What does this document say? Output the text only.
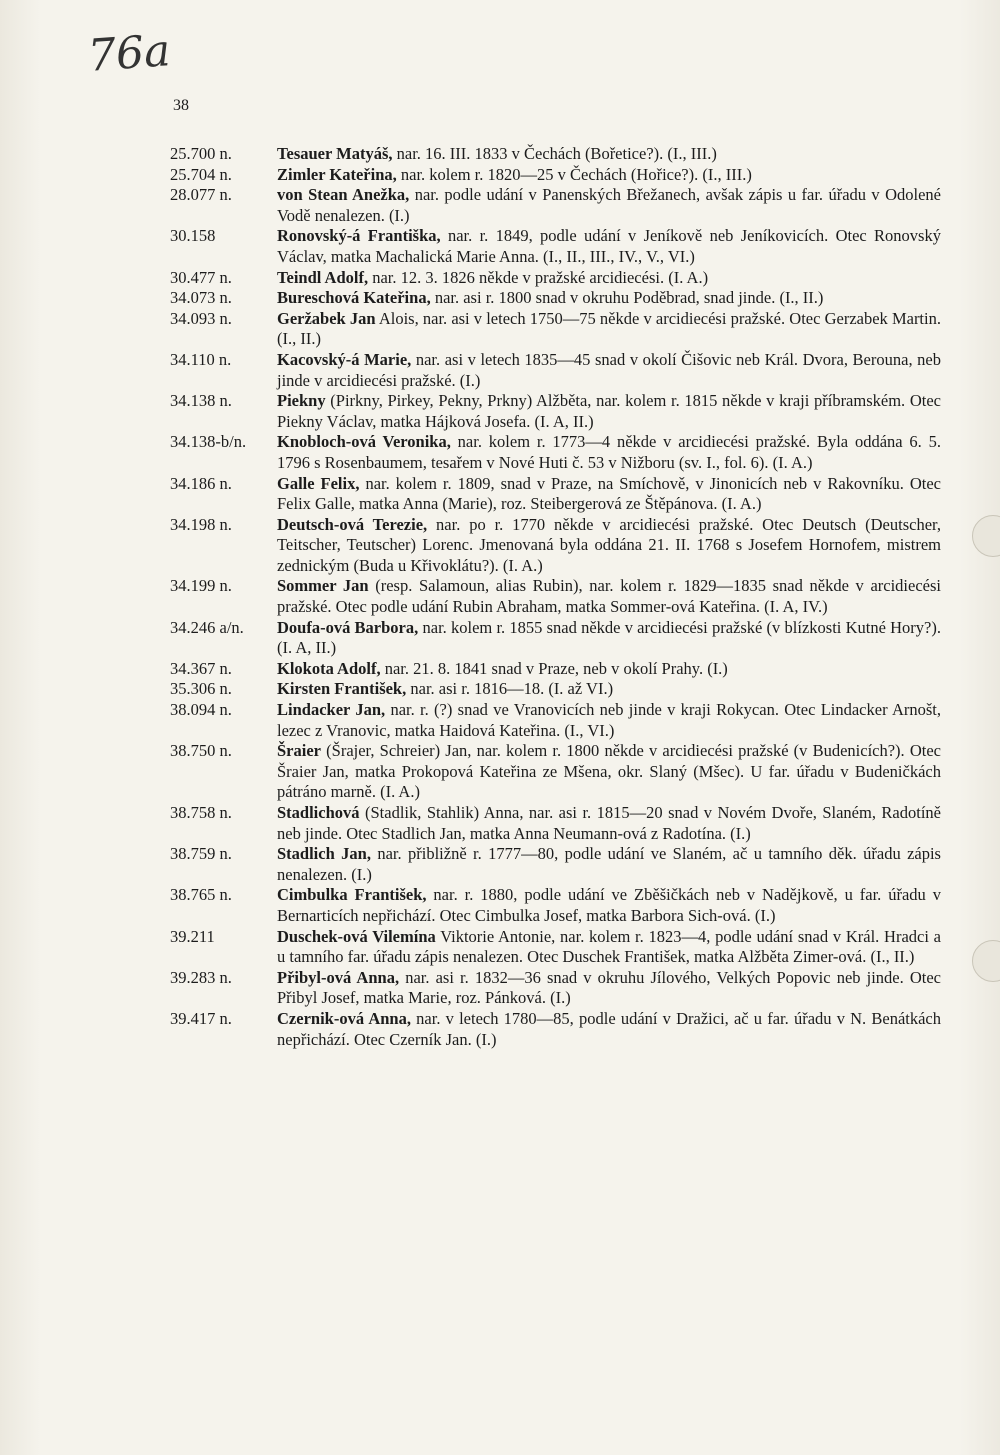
76a
38
25.700 n.	Tesauer Matyáš, nar. 16. III. 1833 v Čechách (Bořetice?). (I., III.)
25.704 n.	Zimler Kateřina, nar. kolem r. 1820—25 v Čechách (Hořice?). (I., III.)
28.077 n.	von Stean Anežka, nar. podle udání v Panenských Břežanech, avšak zápis u far. úřadu v Odolené Vodě nenalezen. (I.)
30.158	Ronovský-á Františka, nar. r. 1849, podle udání v Jeníkově neb Jeníkovicích. Otec Ronovský Václav, matka Machalická Marie Anna. (I., II., III., IV., V., VI.)
30.477 n.	Teindl Adolf, nar. 12. 3. 1826 někde v pražské arcidiecési. (I. A.)
34.073 n.	Bureschová Kateřina, nar. asi r. 1800 snad v okruhu Poděbrad, snad jinde. (I., II.)
34.093 n.	Geržabek Jan Alois, nar. asi v letech 1750—75 někde v arcidiecési pražské. Otec Gerzabek Martin. (I., II.)
34.110 n.	Kacovský-á Marie, nar. asi v letech 1835—45 snad v okolí Čišovic neb Král. Dvora, Berouna, neb jinde v arcidiecési pražské. (I.)
34.138 n.	Piekny (Pirkny, Pirkey, Pekny, Prkny) Alžběta, nar. kolem r. 1815 někde v kraji příbramském. Otec Piekny Václav, matka Hájková Josefa. (I. A, II.)
34.138-b/n.	Knobloch-ová Veronika, nar. kolem r. 1773—4 někde v arcidiecési pražské. Byla oddána 6. 5. 1796 s Rosenbaumem, tesařem v Nové Huti č. 53 v Nižboru (sv. I., fol. 6). (I. A.)
34.186 n.	Galle Felix, nar. kolem r. 1809, snad v Praze, na Smíchově, v Jinonicích neb v Rakovníku. Otec Felix Galle, matka Anna (Marie), roz. Steibergerová ze Štěpánova. (I. A.)
34.198 n.	Deutsch-ová Terezie, nar. po r. 1770 někde v arcidiecési pražské. Otec Deutsch (Deutscher, Teitscher, Teutscher) Lorenc. Jmenovaná byla oddána 21. II. 1768 s Josefem Hornofem, mistrem zednickým (Buda u Křivoklátu?). (I. A.)
34.199 n.	Sommer Jan (resp. Salamoun, alias Rubin), nar. kolem r. 1829—1835 snad někde v arcidiecési pražské. Otec podle udání Rubin Abraham, matka Sommer-ová Kateřina. (I. A, IV.)
34.246 a/n.	Doufa-ová Barbora, nar. kolem r. 1855 snad někde v arcidiecési pražské (v blízkosti Kutné Hory?). (I. A, II.)
34.367 n.	Klokota Adolf, nar. 21. 8. 1841 snad v Praze, neb v okolí Prahy. (I.)
35.306 n.	Kirsten František, nar. asi r. 1816—18. (I. až VI.)
38.094 n.	Lindacker Jan, nar. r. (?) snad ve Vranovicích neb jinde v kraji Rokycan. Otec Lindacker Arnošt, lezec z Vranovic, matka Haidová Kateřina. (I., VI.)
38.750 n.	Šraier (Šrajer, Schreier) Jan, nar. kolem r. 1800 někde v arcidiecési pražské (v Budenicích?). Otec Šraier Jan, matka Prokopová Kateřina ze Mšena, okr. Slaný (Mšec). U far. úřadu v Budeničkách pátráno marně. (I. A.)
38.758 n.	Stadlichová (Stadlik, Stahlik) Anna, nar. asi r. 1815—20 snad v Novém Dvoře, Slaném, Radotíně neb jinde. Otec Stadlich Jan, matka Anna Neumann-ová z Radotína. (I.)
38.759 n.	Stadlich Jan, nar. přibližně r. 1777—80, podle udání ve Slaném, ač u tamního děk. úřadu zápis nenalezen. (I.)
38.765 n.	Cimbulka František, nar. r. 1880, podle udání ve Zběšičkách neb v Nadějkově, u far. úřadu v Bernarticích nepřichází. Otec Cimbulka Josef, matka Barbora Sich-ová. (I.)
39.211	Duschek-ová Vilemína Viktorie Antonie, nar. kolem r. 1823—4, podle udání snad v Král. Hradci a u tamního far. úřadu zápis nenalezen. Otec Duschek František, matka Alžběta Zimer-ová. (I., II.)
39.283 n.	Přibyl-ová Anna, nar. asi r. 1832—36 snad v okruhu Jílového, Velkých Popovic neb jinde. Otec Přibyl Josef, matka Marie, roz. Pánková. (I.)
39.417 n.	Czernik-ová Anna, nar. v letech 1780—85, podle udání v Dražici, ač u far. úřadu v N. Benátkách nepřichází. Otec Czerník Jan. (I.)
